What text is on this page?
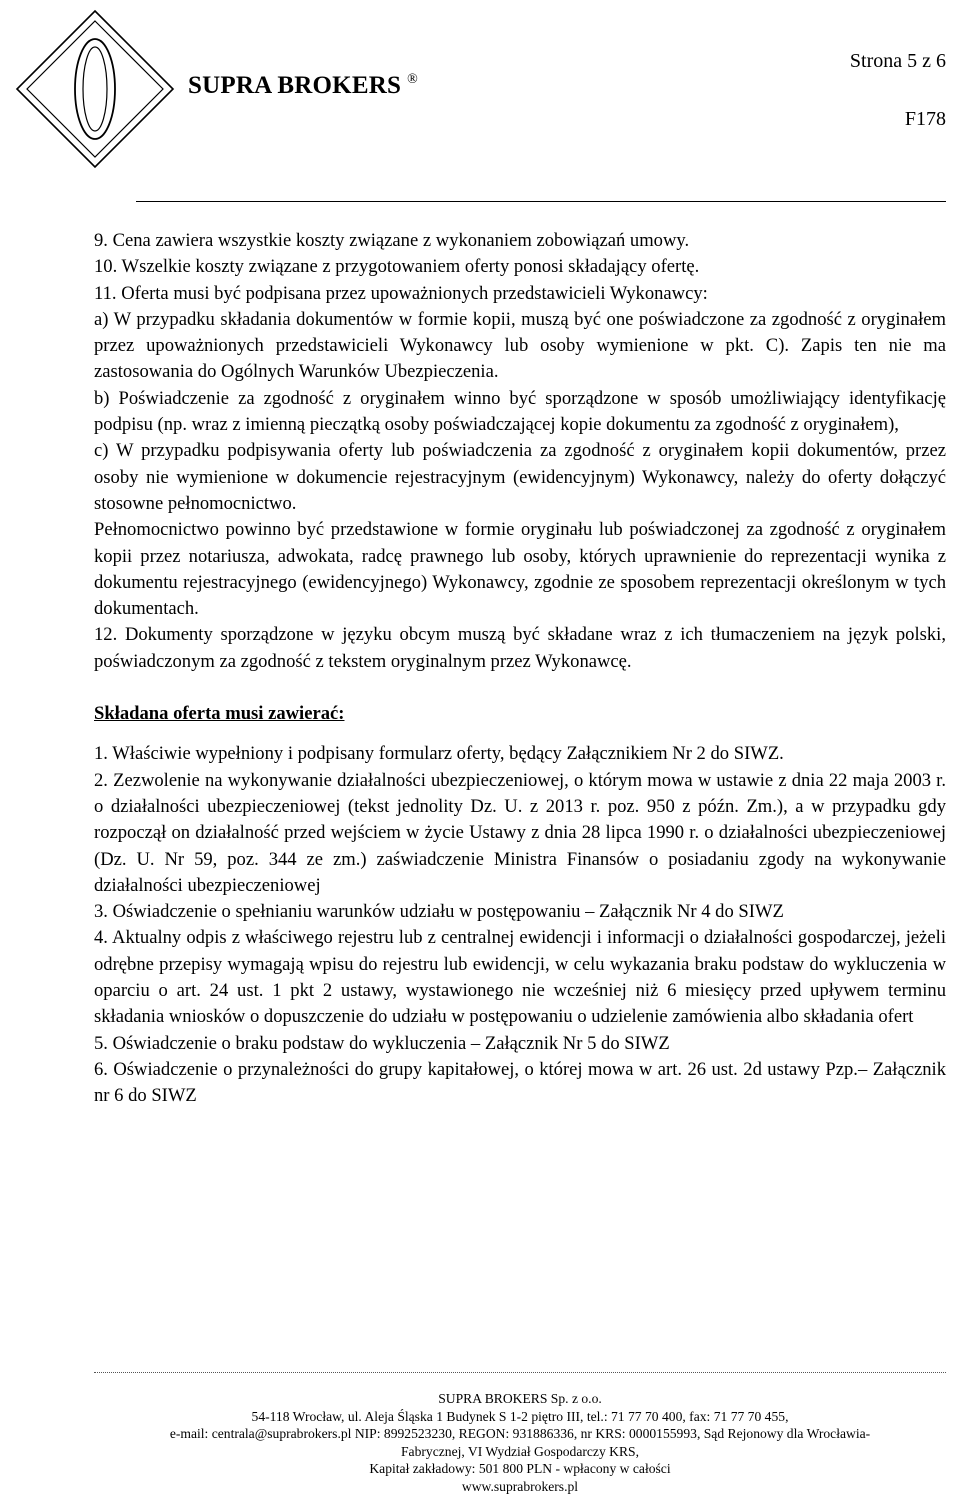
SUPRA BROKERS ®
Strona 5 z 6
F178

9. Cena zawiera wszystkie koszty związane z wykonaniem zobowiązań umowy.

10. Wszelkie koszty związane z przygotowaniem oferty ponosi składający ofertę.

11. Oferta musi być podpisana przez upoważnionych przedstawicieli Wykonawcy:

a) W przypadku składania dokumentów w formie kopii, muszą być one poświadczone za zgodność z oryginałem przez upoważnionych przedstawicieli Wykonawcy lub osoby wymienione w pkt. C). Zapis ten nie ma zastosowania do Ogólnych Warunków Ubezpieczenia.

b) Poświadczenie za zgodność z oryginałem winno być sporządzone w sposób umożliwiający identyfikację podpisu (np. wraz z imienną pieczątką osoby poświadczającej kopie dokumentu za zgodność z oryginałem),

c) W przypadku podpisywania oferty lub poświadczenia za zgodność z oryginałem kopii dokumentów, przez osoby nie wymienione w dokumencie rejestracyjnym (ewidencyjnym) Wykonawcy, należy do oferty dołączyć stosowne pełnomocnictwo.

Pełnomocnictwo powinno być przedstawione w formie oryginału lub poświadczonej za zgodność z oryginałem kopii przez notariusza, adwokata, radcę prawnego lub osoby, których uprawnienie do reprezentacji wynika z dokumentu rejestracyjnego (ewidencyjnego) Wykonawcy, zgodnie ze sposobem reprezentacji określonym w tych dokumentach.

12. Dokumenty sporządzone w języku obcym muszą być składane wraz z ich tłumaczeniem na język polski, poświadczonym za zgodność z tekstem oryginalnym przez Wykonawcę.

Składana oferta musi zawierać:

1. Właściwie wypełniony i podpisany formularz oferty, będący Załącznikiem Nr 2 do SIWZ.

2. Zezwolenie na wykonywanie działalności ubezpieczeniowej, o którym mowa w ustawie z dnia 22 maja 2003 r. o działalności ubezpieczeniowej (tekst jednolity Dz. U. z 2013 r. poz. 950 z późn. Zm.), a w przypadku gdy rozpoczął on działalność przed wejściem w życie Ustawy z dnia 28 lipca 1990 r. o działalności ubezpieczeniowej (Dz. U. Nr 59, poz. 344 ze zm.) zaświadczenie Ministra Finansów o posiadaniu zgody na wykonywanie działalności ubezpieczeniowej

3. Oświadczenie o spełnianiu warunków udziału w postępowaniu – Załącznik Nr 4 do SIWZ

4. Aktualny odpis z właściwego rejestru lub z centralnej ewidencji i informacji o działalności gospodarczej, jeżeli odrębne przepisy wymagają wpisu do rejestru lub ewidencji, w celu wykazania braku podstaw do wykluczenia w oparciu o art. 24 ust. 1 pkt 2 ustawy, wystawionego nie wcześniej niż 6 miesięcy przed upływem terminu składania wniosków o dopuszczenie do udziału w postępowaniu o udzielenie zamówienia albo składania ofert

5. Oświadczenie o braku podstaw do wykluczenia – Załącznik Nr 5 do SIWZ

6. Oświadczenie o przynależności do grupy kapitałowej, o której mowa w art. 26 ust. 2d ustawy Pzp.– Załącznik nr 6 do SIWZ

SUPRA BROKERS Sp. z o.o.
54-118 Wrocław, ul. Aleja Śląska 1 Budynek S 1-2 piętro III, tel.: 71 77 70 400, fax: 71 77 70 455,
e-mail: centrala@suprabrokers.pl NIP: 8992523230, REGON: 931886336, nr KRS: 0000155993, Sąd Rejonowy dla Wrocławia-
Fabrycznej, VI Wydział Gospodarczy KRS,
Kapitał zakładowy: 501 800 PLN - wpłacony w całości
www.suprabrokers.pl
